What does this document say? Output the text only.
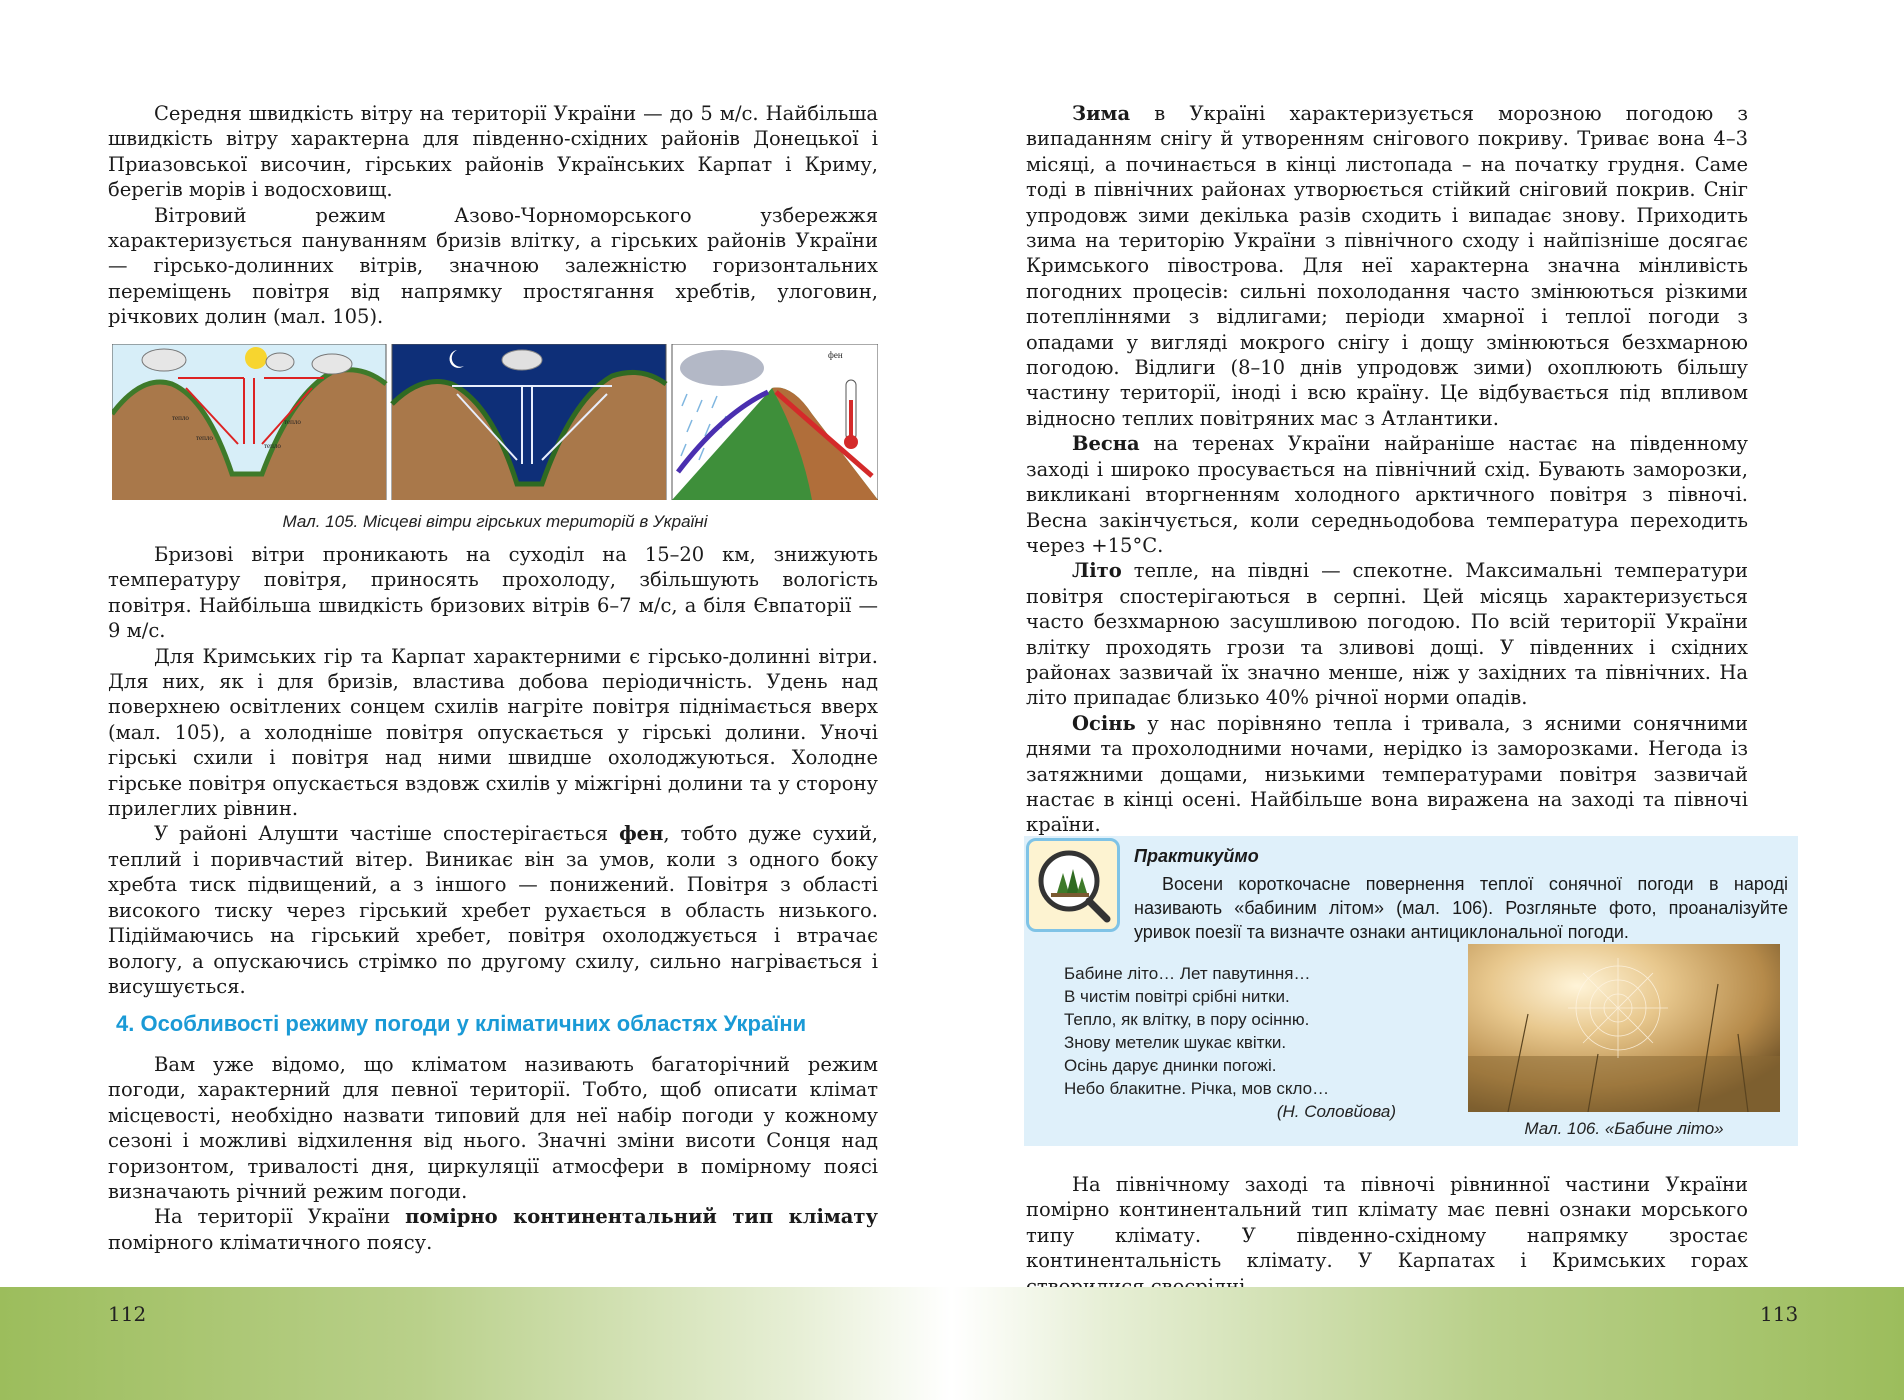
Середня швидкість вітру на території України — до 5 м/с. Найбільша швидкість вітру характерна для південно-східних районів Донецької і Приазовської височин, гірських районів Українських Карпат і Криму, берегів морів і водосховищ.

Вітровий режим Азово-Чорноморського узбережжя характеризується пануванням бризів влітку, а гірських районів України — гірсько-долинних вітрів, значною залежністю горизонтальних переміщень повітря від напрямку простягання хребтів, улоговин, річкових долин (мал. 105).

тепло	тепло
тепло
тепло
фен
Мал. 105. Місцеві вітри гірських територій в Україні

Бризові вітри проникають на суходіл на 15–20 км, знижують температуру повітря, приносять прохолоду, збільшують вологість повітря. Найбільша швидкість бризових вітрів 6–7 м/с, а біля Євпаторії — 9 м/с.

Для Кримських гір та Карпат характерними є гірсько-долинні вітри. Для них, як і для бризів, властива добова періодичність. Удень над поверхнею освітлених сонцем схилів нагріте повітря піднімається вверх (мал. 105), а холодніше повітря опускається у гірські долини. Уночі гірські схили і повітря над ними швидше охолоджуються. Холодне гірське повітря опускається вздовж схилів у міжгірні долини та у сторону прилеглих рівнин.

У районі Алушти частіше спостерігається фен, тобто дуже сухий, теплий і поривчастий вітер. Виникає він за умов, коли з одного боку хребта тиск підвищений, а з іншого — понижений. Повітря з області високого тиску через гірський хребет рухається в область низького. Підіймаючись на гірський хребет, повітря охолоджується і втрачає вологу, а опускаючись стрімко по другому схилу, сильно нагрівається і висушується.

4. Особливості режиму погоди у кліматичних областях України

Вам уже відомо, що кліматом називають багаторічний режим погоди, характерний для певної території. Тобто, щоб описати клімат місцевості, необхідно назвати типовий для неї набір погоди у кожному сезоні і можливі відхилення від нього. Значні зміни висоти Сонця над горизонтом, тривалості дня, циркуляції атмосфери в помірному поясі визначають річний режим погоди.

На території України помірно континентальний тип клімату помірного кліматичного поясу.

Зима в Україні характеризується морозною погодою з випаданням снігу й утворенням снігового покриву. Триває вона 4–3 місяці, а починається в кінці листопада – на початку грудня. Саме тоді в північних районах утворюється стійкий сніговий покрив. Сніг упродовж зими декілька разів сходить і випадає знову. Приходить зима на територію України з північного сходу і найпізніше досягає Кримського півострова. Для неї характерна значна мінливість погодних процесів: сильні похолодання часто змінюються різкими потепліннями з відлигами; періоди хмарної і теплої погоди з опадами у вигляді мокрого снігу і дощу змінюються безхмарною погодою. Відлиги (8–10 днів упродовж зими) охоплюють більшу частину території, іноді і всю країну. Це відбувається під впливом відносно теплих повітряних мас з Атлантики.

Весна на теренах України найраніше настає на південному заході і широко просувається на північний схід. Бувають заморозки, викликані вторгненням холодного арктичного повітря з півночі. Весна закінчується, коли середньодобова температура переходить через +15°С.

Літо тепле, на півдні — спекотне. Максимальні температури повітря спостерігаються в серпні. Цей місяць характеризується часто безхмарною засушливою погодою. По всій території України влітку проходять грози та зливові дощі. У південних і східних районах зазвичай їх значно менше, ніж у західних та північних. На літо припадає близько 40% річної норми опадів.

Осінь у нас порівняно тепла і тривала, з ясними сонячними днями та прохолодними ночами, нерідко із заморозками. Негода із затяжними дощами, низькими температурами повітря зазвичай настає в кінці осені. Найбільше вона виражена на заході та півночі країни.

На північному заході та півночі рівнинної частини України помірно континентальний тип клімату має певні ознаки морського типу клімату. У південно-східному напрямку зростає континентальність клімату. У Карпатах і Кримських горах

Практикуймо
Восени короткочасне повернення теплої сонячної погоди в народі називають «бабиним літом» (мал. 106). Розгляньте фото, проаналізуйте уривок поезії та визначте ознаки антициклональної погоди.
Бабине літо… Лет павутиння…
В чистім повітрі срібні нитки.
Тепло, як влітку, в пору осінню.
Знову метелик шукає квітки.
Осінь дарує днинки погожі.
Небо блакитне. Річка, мов скло…
(Н. Соловйова)
Мал. 106. «Бабине літо»
112	113
